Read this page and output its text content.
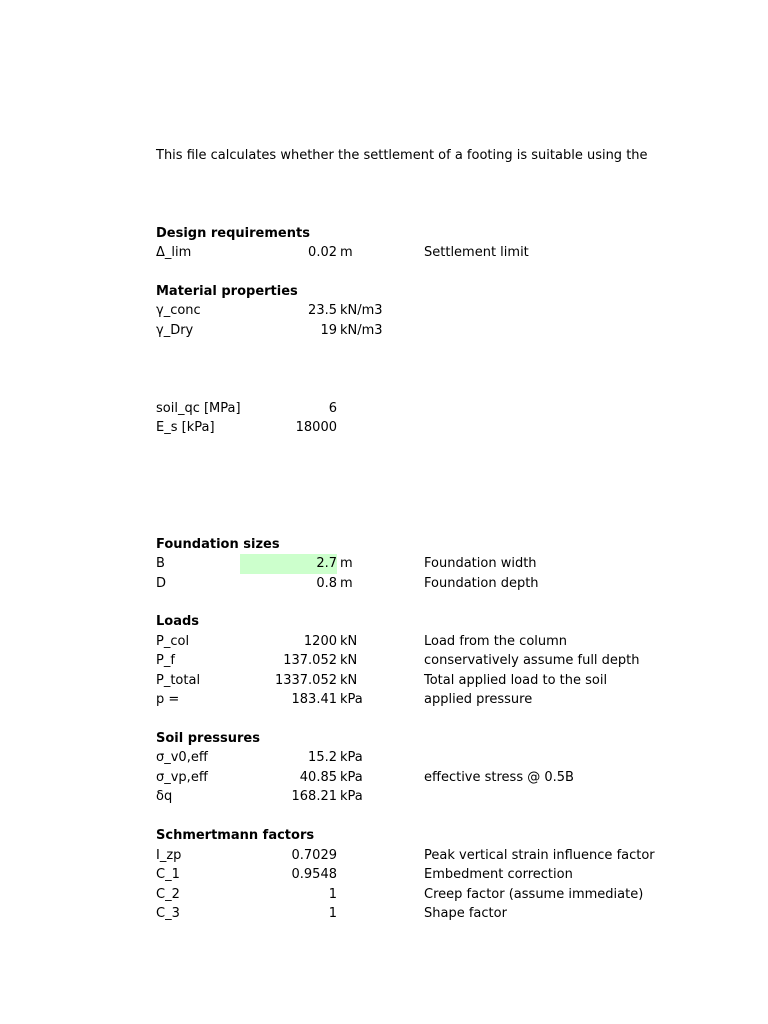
This file calculates whether the settlement of a footing is suitable using the
Design requirements
Δ_lim	0.02 m	Settlement limit
Material properties
γ_conc	23.5 kN/m3
γ_Dry	19 kN/m3
soil_qc [MPa]	6
E_s [kPa]	18000
Foundation sizes
B	2.7 m	Foundation width
D	0.8 m	Foundation depth
Loads
P_col	1200 kN	Load from the column
P_f	137.052 kN	conservatively assume full depth
P_total	1337.052 kN	Total applied load to the soil
p =	183.41 kPa	applied pressure
Soil pressures
σ_v0,eff	15.2 kPa
σ_vp,eff	40.85 kPa	effective stress @ 0.5B
δq	168.21 kPa
Schmertmann factors
I_zp	0.7029	Peak vertical strain influence factor
C_1	0.9548	Embedment correction
C_2	1	Creep factor (assume immediate)
C_3	1	Shape factor
